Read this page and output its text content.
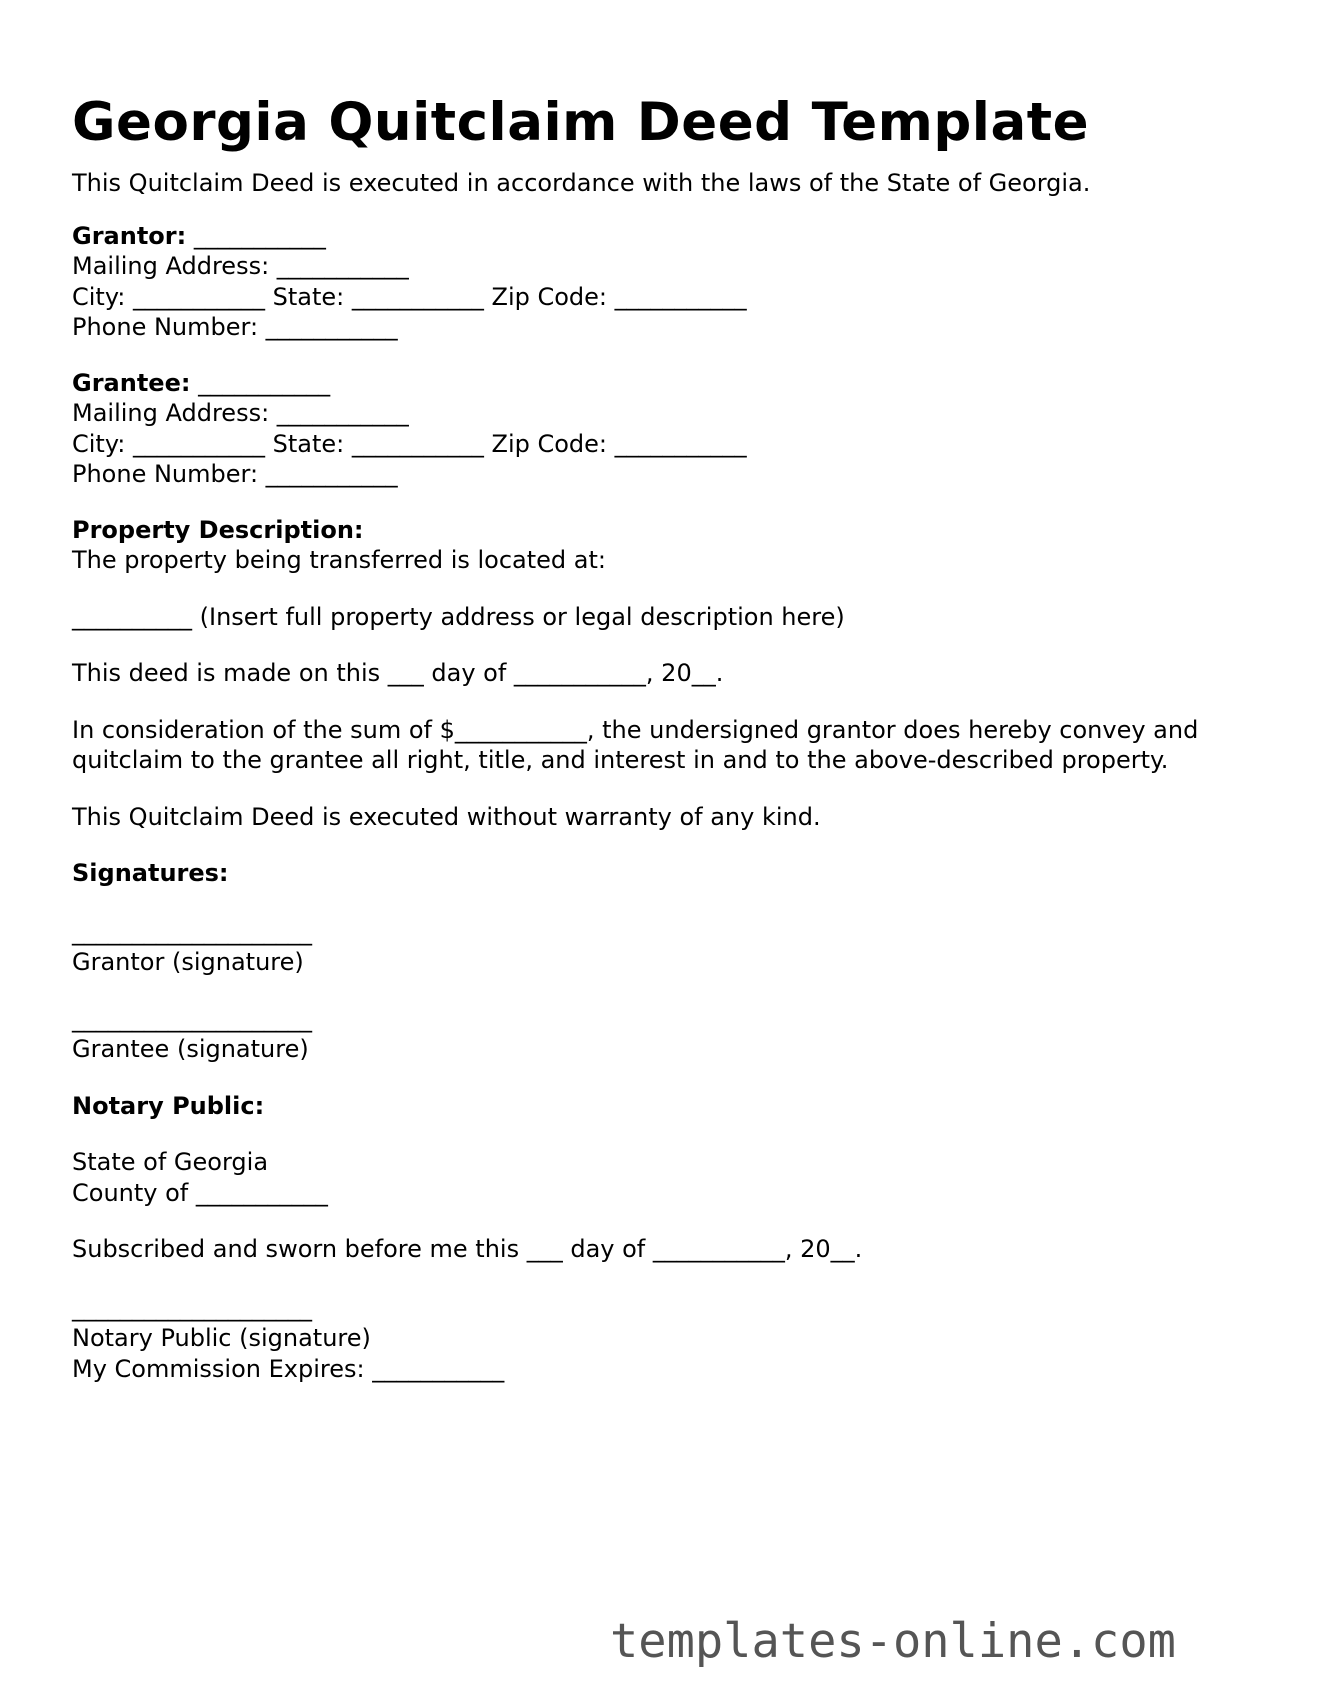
Georgia Quitclaim Deed Template
This Quitclaim Deed is executed in accordance with the laws of the State of Georgia.
Grantor: ___________
Mailing Address: ___________
City: ___________ State: ___________ Zip Code: ___________
Phone Number: ___________
Grantee: ___________
Mailing Address: ___________
City: ___________ State: ___________ Zip Code: ___________
Phone Number: ___________
Property Description:
The property being transferred is located at:
__________ (Insert full property address or legal description here)
This deed is made on this ___ day of ___________, 20__.
In consideration of the sum of $___________, the undersigned grantor does hereby convey and quitclaim to the grantee all right, title, and interest in and to the above-described property.
This Quitclaim Deed is executed without warranty of any kind.
Signatures:
____________________
Grantor (signature)
____________________
Grantee (signature)
Notary Public:
State of Georgia
County of ___________
Subscribed and sworn before me this ___ day of ___________, 20__.
____________________
Notary Public (signature)
My Commission Expires: ___________
templates-online.com
